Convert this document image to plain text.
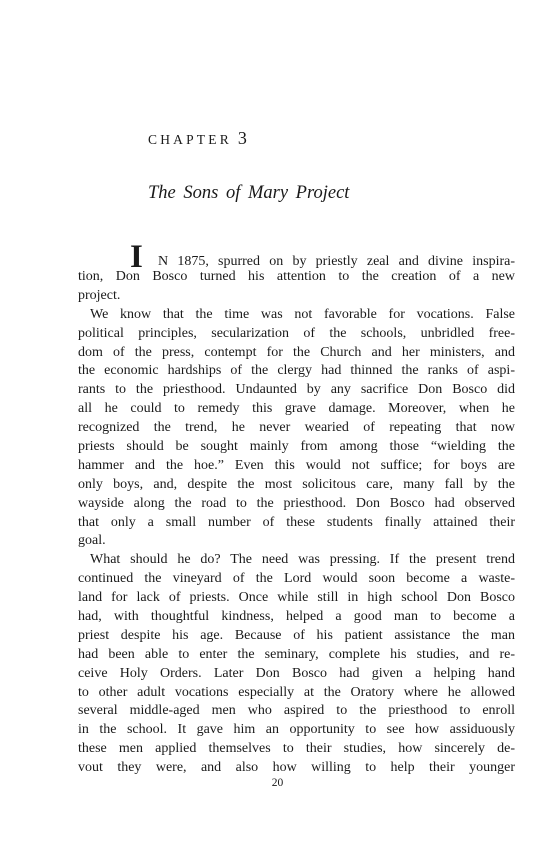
CHAPTER 3
The Sons of Mary Project
I N 1875, spurred on by priestly zeal and divine inspira-
tion, Don Bosco turned his attention to the creation of a new
project.
We know that the time was not favorable for vocations. False
political principles, secularization of the schools, unbridled free-
dom of the press, contempt for the Church and her ministers, and
the economic hardships of the clergy had thinned the ranks of aspi-
rants to the priesthood. Undaunted by any sacrifice Don Bosco did
all he could to remedy this grave damage. Moreover, when he
recognized the trend, he never wearied of repeating that now
priests should be sought mainly from among those “wielding the
hammer and the hoe.” Even this would not suffice; for boys are
only boys, and, despite the most solicitous care, many fall by the
wayside along the road to the priesthood. Don Bosco had observed
that only a small number of these students finally attained their
goal.
What should he do? The need was pressing. If the present trend
continued the vineyard of the Lord would soon become a waste-
land for lack of priests. Once while still in high school Don Bosco
had, with thoughtful kindness, helped a good man to become a
priest despite his age. Because of his patient assistance the man
had been able to enter the seminary, complete his studies, and re-
ceive Holy Orders. Later Don Bosco had given a helping hand
to other adult vocations especially at the Oratory where he allowed
several middle-aged men who aspired to the priesthood to enroll
in the school. It gave him an opportunity to see how assiduously
these men applied themselves to their studies, how sincerely de-
vout they were, and also how willing to help their younger
20
